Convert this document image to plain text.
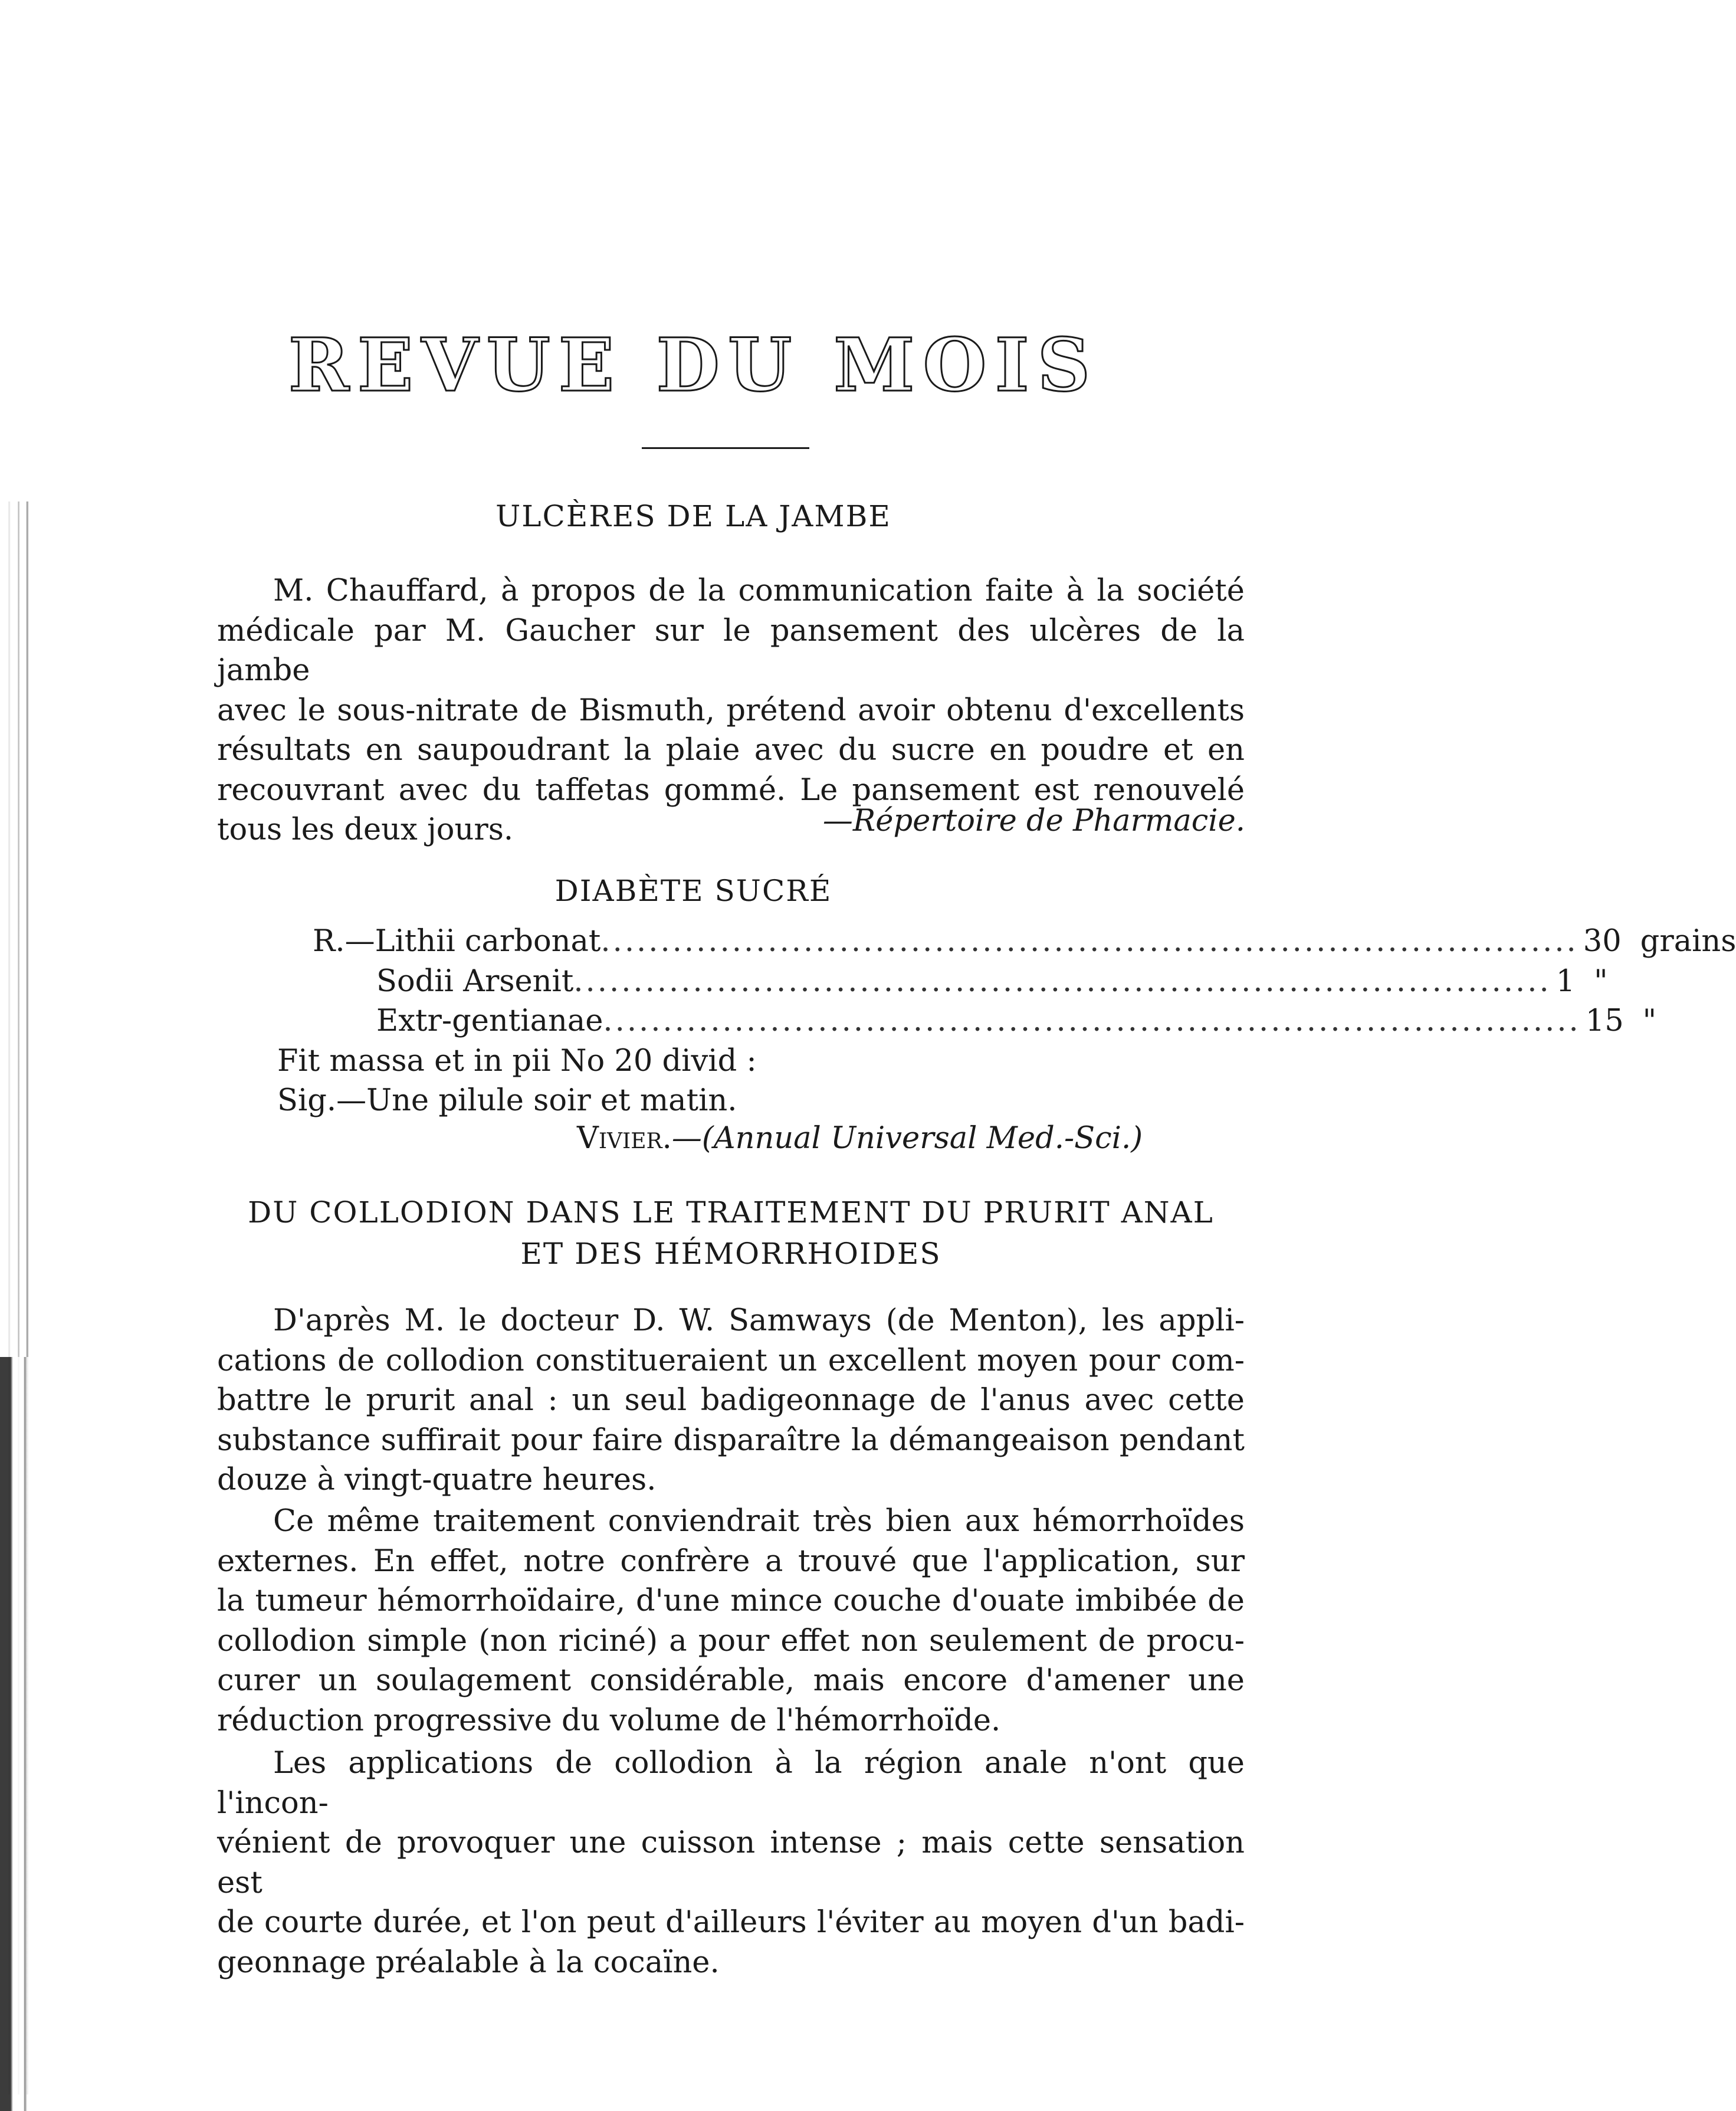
REVUE DU MOIS
ULCÈRES DE LA JAMBE

M. Chauffard, à propos de la communication faite à la société

médicale par M. Gaucher sur le pansement des ulcères de la jambe

avec le sous-nitrate de Bismuth, prétend avoir obtenu d'excellents

résultats en saupoudrant la plaie avec du sucre en poudre et en

recouvrant avec du taffetas gommé. Le pansement est renouvelé

tous les deux jours.	—Répertoire de Pharmacie.
DIABÈTE SUCRÉ
R.—Lithii carbonat .................................................................................. 30 grains
Sodii Arsenit .................................................................................. 1 "
Extr-gentianae .................................................................................. 15 "
Fit massa et in pii No 20 divid :
Sig.—Une pilule soir et matin.
Vivier.—(Annual Universal Med.-Sci.)
DU COLLODION DANS LE TRAITEMENT DU PRURIT ANAL
ET DES HÉMORRHOIDES

D'après M. le docteur D. W. Samways (de Menton), les appli-

cations de collodion constitueraient un excellent moyen pour com-

battre le prurit anal : un seul badigeonnage de l'anus avec cette

substance suffirait pour faire disparaître la démangeaison pendant

douze à vingt-quatre heures.

Ce même traitement conviendrait très bien aux hémorrhoïdes

externes. En effet, notre confrère a trouvé que l'application, sur

la tumeur hémorrhoïdaire, d'une mince couche d'ouate imbibée de

collodion simple (non riciné) a pour effet non seulement de procu-

curer un soulagement considérable, mais encore d'amener une

réduction progressive du volume de l'hémorrhoïde.

Les applications de collodion à la région anale n'ont que l'incon-

vénient de provoquer une cuisson intense ; mais cette sensation est

de courte durée, et l'on peut d'ailleurs l'éviter au moyen d'un badi-

geonnage préalable à la cocaïne.
